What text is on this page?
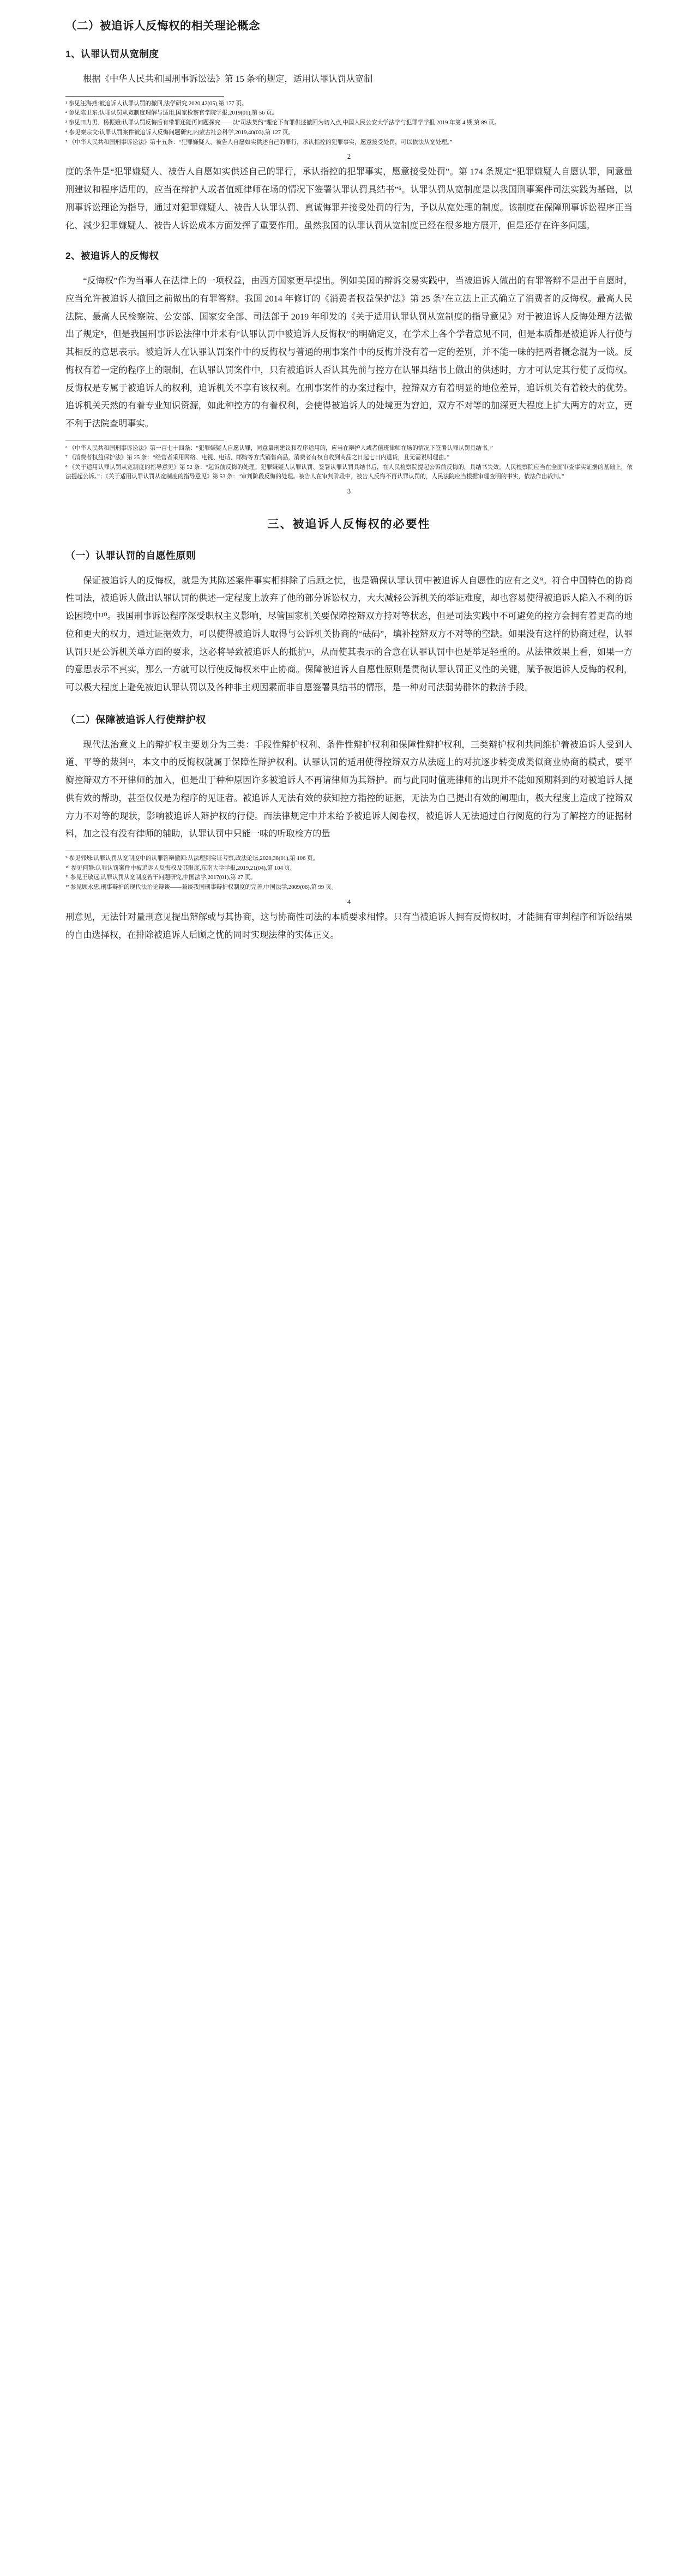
（二）被追诉人反悔权的相关理论概念
1、认罪认罚从宽制度

根据《中华人民共和国刑事诉讼法》第 15 条³的规定，适用认罪认罚从宽制

¹ 参见汪海燕:被追诉人认罪认罚的撤回,法学研究,2020,42(05),第 177 页。

² 参见陈卫东:认罪认罚从宽制度理解与适用,国家检察官学院学报,2019(01),第 56 页。

³ 参见田力男、杨振娥:认罪认罚反悔后有带罪还能再问题探究——以“司法契约”理论下有罪供述撤回为切入点,中国人民公安大学法学与犯罪学学报 2019 年第 4 期,第 89 页。

⁴ 参见秦宗文:认罪认罚案件被追诉人反悔问题研究,内蒙古社会科学,2019,40(03),第 127 页。

⁵ 《中华人民共和国刑事诉讼法》第十五条：“犯罪嫌疑人、被告人自愿如实供述自己的罪行，承认指控的犯罪事实，愿意接受处罚，可以依法从宽处理。”

2

度的条件是“犯罪嫌疑人、被告人自愿如实供述自己的罪行，承认指控的犯罪事实，愿意接受处罚”。第 174 条规定“犯罪嫌疑人自愿认罪，同意量刑建议和程序适用的，应当在辩护人或者值班律师在场的情况下签署认罪认罚具结书”⁶。认罪认罚从宽制度是以我国刑事案件司法实践为基础，以刑事诉讼理论为指导，通过对犯罪嫌疑人、被告人认罪认罚、真诚悔罪并接受处罚的行为，予以从宽处理的制度。该制度在保障刑事诉讼程序正当化、减少犯罪嫌疑人、被告人诉讼成本方面发挥了重要作用。虽然我国的认罪认罚从宽制度已经在很多地方展开，但是还存在许多问题。

2、被追诉人的反悔权

“反悔权”作为当事人在法律上的一项权益，由西方国家更早提出。例如美国的辩诉交易实践中，当被追诉人做出的有罪答辩不是出于自愿时，应当允许被追诉人撤回之前做出的有罪答辩。我国 2014 年修订的《消费者权益保护法》第 25 条⁷在立法上正式确立了消费者的反悔权。最高人民法院、最高人民检察院、公安部、国家安全部、司法部于 2019 年印发的《关于适用认罪认罚从宽制度的指导意见》对于被追诉人反悔处理方法做出了规定⁸，但是我国刑事诉讼法律中并未有“认罪认罚中被追诉人反悔权”的明确定义，在学术上各个学者意见不同，但是本质都是被追诉人行使与其相反的意思表示。被追诉人在认罪认罚案件中的反悔权与普通的刑事案件中的反悔并没有着一定的差别，并不能一味的把两者概念混为一谈。反悔权有着一定的程序上的限制，在认罪认罚案件中，只有被追诉人否认其先前与控方在认罪具结书上做出的供述时，方才可认定其行使了反悔权。反悔权是专属于被追诉人的权利，追诉机关不享有该权利。在刑事案件的办案过程中，控辩双方有着明显的地位差异，追诉机关有着较大的优势。追诉机关天然的有着专业知识资源，如此种控方的有着权利，会使得被追诉人的处境更为窘迫，双方不对等的加深更大程度上扩大两方的对立，更不利于法院查明事实。

⁶ 《中华人民共和国刑事诉讼法》第一百七十四条：“犯罪嫌疑人自愿认罪，同意量刑建议和程序适用的，应当在辩护人或者值班律师在场的情况下签署认罪认罚具结书。”

⁷ 《消费者权益保护法》第 25 条：“经营者采用网络、电视、电话、邮购等方式销售商品，消费者有权自收到商品之日起七日内退货，且无需说明理由。”

⁸ 《关于适用认罪认罚从宽制度的指导意见》第 52 条：“起诉前反悔的处理。犯罪嫌疑人认罪认罚、签署认罪认罚具结书后，在人民检察院提起公诉前反悔的，具结书失效。人民检察院应当在全面审查事实证据的基础上，依法提起公诉。”；《关于适用认罪认罚从宽制度的指导意见》第 53 条：“审判阶段反悔的处理。被告人在审判阶段中，被告人反悔不再认罪认罚的，人民法院应当根据审理查明的事实，依法作出裁判。”

3
三、被追诉人反悔权的必要性
（一）认罪认罚的自愿性原则

保证被追诉人的反悔权，就是为其陈述案件事实相排除了后顾之忧，也是确保认罪认罚中被追诉人自愿性的应有之义⁹。符合中国特色的协商性司法，被追诉人做出认罪认罚的供述一定程度上放弃了他的部分诉讼权力，大大减轻公诉机关的举证难度，却也容易使得被追诉人陷入不利的诉讼困境中¹⁰。我国刑事诉讼程序深受职权主义影响，尽管国家机关要保障控辩双方持对等状态，但是司法实践中不可避免的控方会拥有着更高的地位和更大的权力，通过证据效力，可以使得被追诉人取得与公诉机关协商的“砝码”，填补控辩双方不对等的空缺。如果没有这样的协商过程，认罪认罚只是公诉机关单方面的要求，这必将导致被追诉人的抵抗¹¹，从而使其表示的合意在认罪认罚中也是举足轻重的。从法律效果上看，如果一方的意思表示不真实，那么一方就可以行使反悔权来中止协商。保障被追诉人自愿性原则是贯彻认罪认罚正义性的关键，赋予被追诉人反悔的权利，可以极大程度上避免被迫认罪认罚以及各种非主观因素而非自愿签署具结书的情形，是一种对司法弱势群体的救济手段。

（二）保障被追诉人行使辩护权

现代法治意义上的辩护权主要划分为三类：手段性辩护权利、条件性辩护权利和保障性辩护权利，三类辩护权利共同维护着被追诉人受到人道、平等的裁判¹²，本文中的反悔权就属于保障性辩护权利。认罪认罚的适用使得控辩双方从法庭上的对抗逐步转变成类似商业协商的模式，要平衡控辩双方不开律师的加入，但是出于种种原因许多被追诉人不再请律师为其辩护。而与此同时值班律师的出现并不能如预期料到的对被追诉人提供有效的帮助，甚至仅仅是为程序的见证者。被追诉人无法有效的获知控方指控的证据，无法为自己提出有效的阐理由，极大程度上造成了控辩双方力不对等的现状，影响被追诉人辩护权的行使。而法律规定中并未给予被追诉人阅卷权，被追诉人无法通过自行阅览的行为了解控方的证据材料，加之没有没有律师的辅助，认罪认罚中只能一味的听取检方的量

⁹ 参见郭烁:认罪认罚从宽制度中的认罪答辩撤回:从法理到实证考察,政法论坛,2020,38(01),第 106 页。

¹⁰ 参见何静:认罪认罚案件中被追诉人反悔权及其限度,东南大学学报,2019,21(04),第 104 页。

¹¹ 参见王敏远,认罪认罚从宽制度若干问题研究,中国法学,2017(01),第 27 页。

¹² 参见顾永忠,刑事辩护的现代法治论辩谈——兼谈我国刑事辩护权制度的完善,中国法学,2009(06),第 99 页。

4

刑意见，无法针对量刑意见提出辩解或与其协商，这与协商性司法的本质要求相悖。只有当被追诉人拥有反悔权时，才能拥有审判程序和诉讼结果的自由选择权，在排除被追诉人后顾之忧的同时实现法律的实体正义。
